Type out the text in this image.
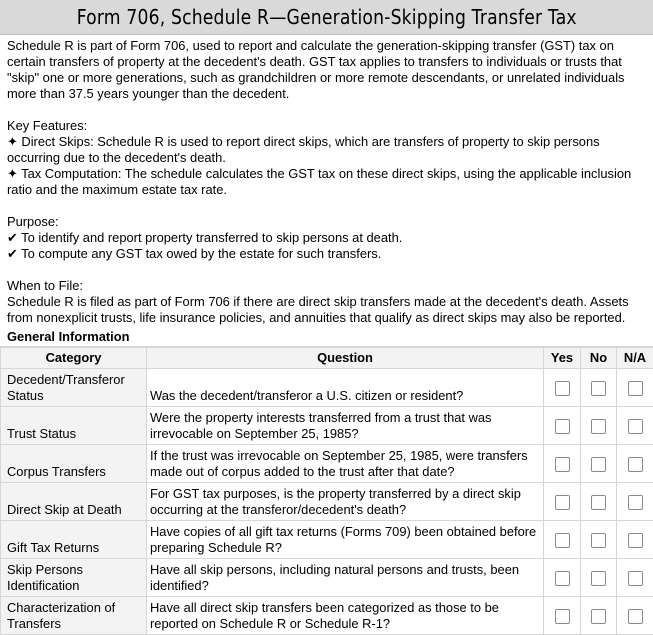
Form 706, Schedule R—Generation-Skipping Transfer Tax

Schedule R is part of Form 706, used to report and calculate the generation-skipping transfer (GST) tax on certain transfers of property at the decedent's death. GST tax applies to transfers to individuals or trusts that "skip" one or more generations, such as grandchildren or more remote descendants, or unrelated individuals more than 37.5 years younger than the decedent.

Key Features:

✦ Direct Skips: Schedule R is used to report direct skips, which are transfers of property to skip persons occurring due to the decedent's death.

✦ Tax Computation: The schedule calculates the GST tax on these direct skips, using the applicable inclusion ratio and the maximum estate tax rate.

Purpose:

✔ To identify and report property transferred to skip persons at death.

✔ To compute any GST tax owed by the estate for such transfers.

When to File:

Schedule R is filed as part of Form 706 if there are direct skip transfers made at the decedent's death. Assets from nonexplicit trusts, life insurance policies, and annuities that qualify as direct skips may also be reported.

General Information
Category	Question	Yes	No	N/A
Decedent/Transferor Status	Was the decedent/transferor a U.S. citizen or resident?			
Trust Status	Were the property interests transferred from a trust that was irrevocable on September 25, 1985?			
Corpus Transfers	If the trust was irrevocable on September 25, 1985, were transfers made out of corpus added to the trust after that date?			
Direct Skip at Death	For GST tax purposes, is the property transferred by a direct skip occurring at the transferor/decedent's death?			
Gift Tax Returns	Have copies of all gift tax returns (Forms 709) been obtained before preparing Schedule R?			
Skip Persons Identification	Have all skip persons, including natural persons and trusts, been identified?			
Characterization of Transfers	Have all direct skip transfers been categorized as those to be reported on Schedule R or Schedule R-1?			
